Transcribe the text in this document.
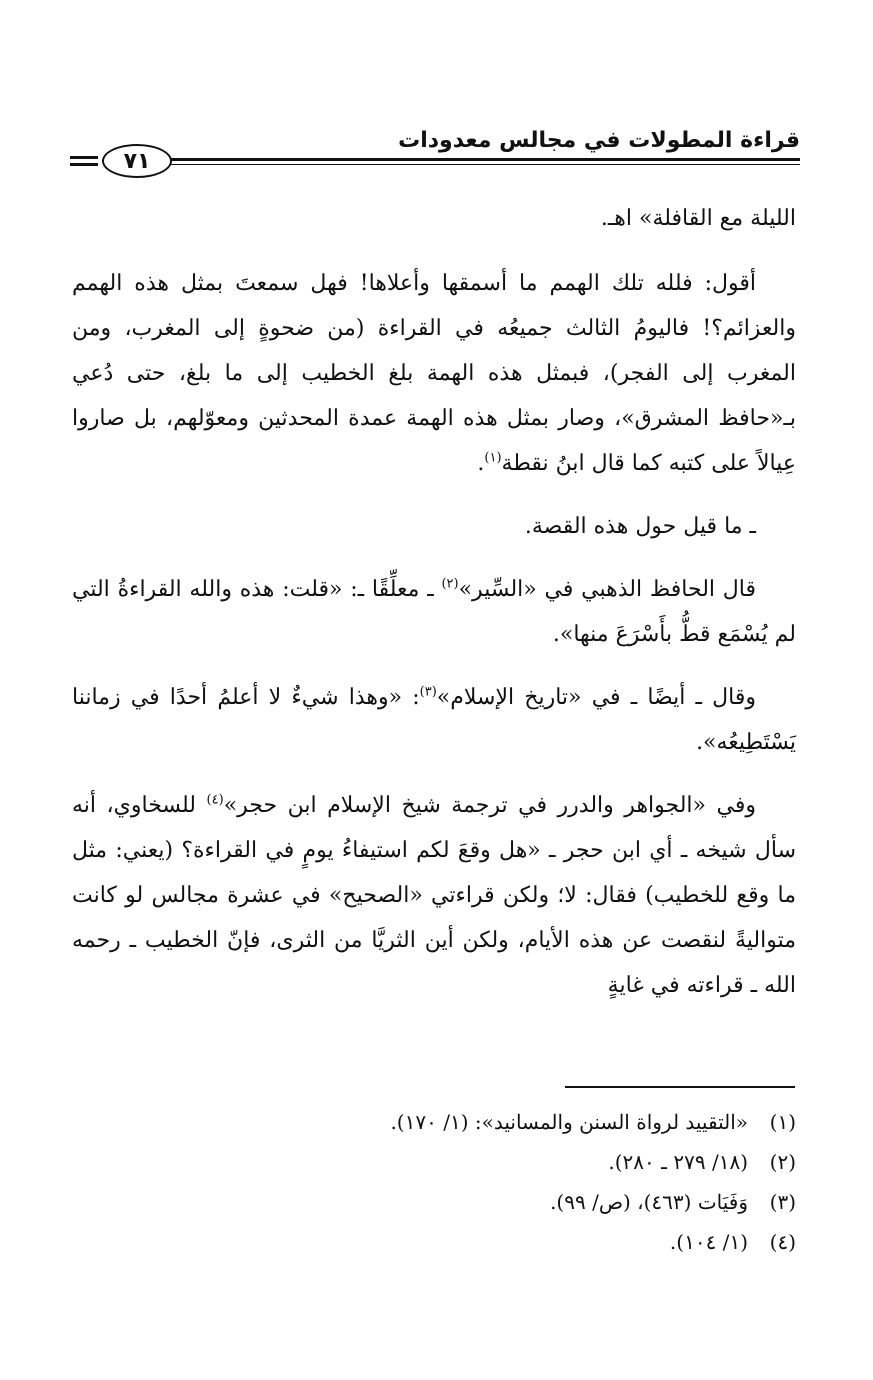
قراءة المطولات في مجالس معدودات
٧١

الليلة مع القافلة» اهـ.

أقول: فلله تلك الهمم ما أسمقها وأعلاها! فهل سمعتَ بمثل هذه الهمم والعزائم؟! فاليومُ الثالث جميعُه في القراءة (من ضحوةٍ إلى المغرب، ومن المغرب إلى الفجر)، فبمثل هذه الهمة بلغ الخطيب إلى ما بلغ، حتى دُعي بـ«حافظ المشرق»، وصار بمثل هذه الهمة عمدة المحدثين ومعوّلهم، بل صاروا عِيالاً على كتبه كما قال ابنُ نقطة$^{(١)}$.

ـ ما قيل حول هذه القصة.

قال الحافظ الذهبي في «السِّير»$^{(٢)}$ ـ معلِّقًا ـ: «قلت: هذه والله القراءةُ التي لم يُسْمَع قطُّ بأَسْرَعَ منها».

وقال ـ أيضًا ـ في «تاريخ الإسلام»$^{(٣)}$: «وهذا شيءٌ لا أعلمُ أحدًا في زماننا يَسْتَطِيعُه».

وفي «الجواهر والدرر في ترجمة شيخ الإسلام ابن حجر»$^{(٤)}$ للسخاوي، أنه سأل شيخه ـ أي ابن حجر ـ «هل وقعَ لكم استيفاءُ يومٍ في القراءة؟ (يعني: مثل ما وقع للخطيب) فقال: لا؛ ولكن قراءتي «الصحيح» في عشرة مجالس لو كانت متواليةً لنقصت عن هذه الأيام، ولكن أين الثريَّا من الثرى، فإنّ الخطيب ـ رحمه الله ـ قراءته في غايةٍ

(١)«التقييد لرواة السنن والمسانيد»: (١/ ١٧٠).
(٢)(١٨/ ٢٧٩ ـ ٢٨٠).
(٣)وَفَيَات (٤٦٣)، (ص/ ٩٩).
(٤)(١/ ١٠٤).
